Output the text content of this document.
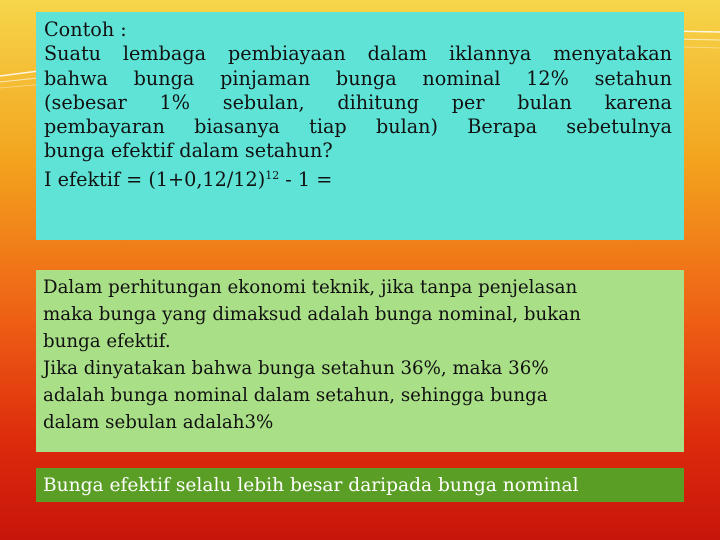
Contoh :
Suatu lembaga pembiayaan dalam iklannya menyatakan
bahwa bunga pinjaman bunga nominal 12% setahun
(sebesar 1% sebulan, dihitung per bulan karena
pembayaran biasanya tiap bulan) Berapa sebetulnya
bunga efektif dalam setahun?
I efektif = $(1+0,12/12)^{12} - 1$ =
Dalam perhitungan ekonomi teknik, jika tanpa penjelasan
maka bunga yang dimaksud adalah bunga nominal, bukan
bunga efektif.
Jika dinyatakan bahwa bunga setahun 36%, maka 36%
adalah bunga nominal dalam setahun, sehingga bunga
dalam sebulan adalah3%
Bunga efektif selalu lebih besar daripada bunga nominal
